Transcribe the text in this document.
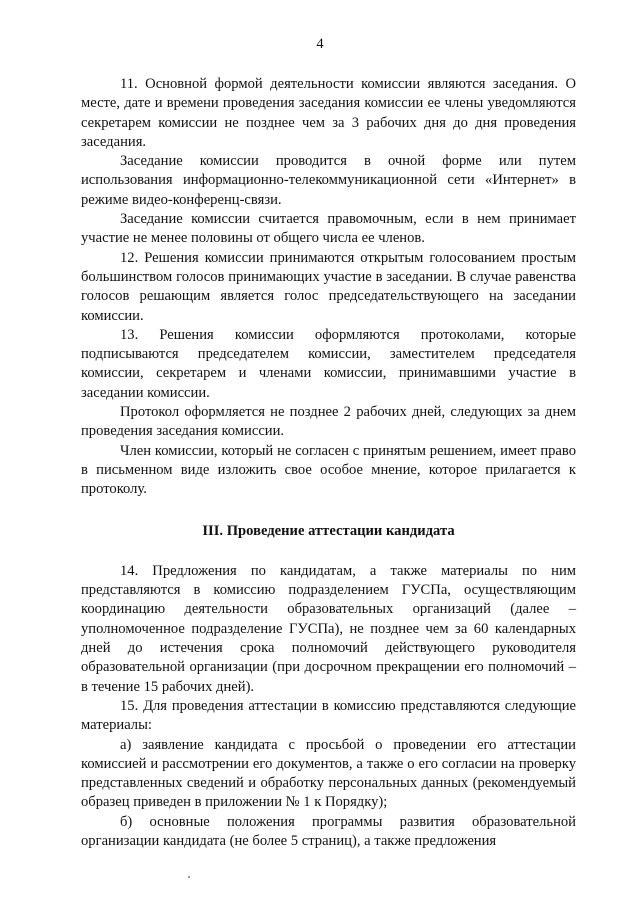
4

11. Основной формой деятельности комиссии являются заседания. О месте, дате и времени проведения заседания комиссии ее члены уведомляются секретарем комиссии не позднее чем за 3 рабочих дня до дня проведения заседания.

Заседание комиссии проводится в очной форме или путем использования информационно-телекоммуникационной сети «Интернет» в режиме видео-конференц-связи.

Заседание комиссии считается правомочным, если в нем принимает участие не менее половины от общего числа ее членов.

12. Решения комиссии принимаются открытым голосованием простым большинством голосов принимающих участие в заседании. В случае равенства голосов решающим является голос председательствующего на заседании комиссии.

13. Решения комиссии оформляются протоколами, которые подписываются председателем комиссии, заместителем председателя комиссии, секретарем и членами комиссии, принимавшими участие в заседании комиссии.

Протокол оформляется не позднее 2 рабочих дней, следующих за днем проведения заседания комиссии.

Член комиссии, который не согласен с принятым решением, имеет право в письменном виде изложить свое особое мнение, которое прилагается к протоколу.

III. Проведение аттестации кандидата

14. Предложения по кандидатам, а также материалы по ним представляются в комиссию подразделением ГУСПа, осуществляющим координацию деятельности образовательных организаций (далее – уполномоченное подразделение ГУСПа), не позднее чем за 60 календарных дней до истечения срока полномочий действующего руководителя образовательной организации (при досрочном прекращении его полномочий – в течение 15 рабочих дней).

15. Для проведения аттестации в комиссию представляются следующие материалы:

а) заявление кандидата с просьбой о проведении его аттестации комиссией и рассмотрении его документов, а также о его согласии на проверку представленных сведений и обработку персональных данных (рекомендуемый образец приведен в приложении № 1 к Порядку);

б) основные положения программы развития образовательной организации кандидата (не более 5 страниц), а также предложения
